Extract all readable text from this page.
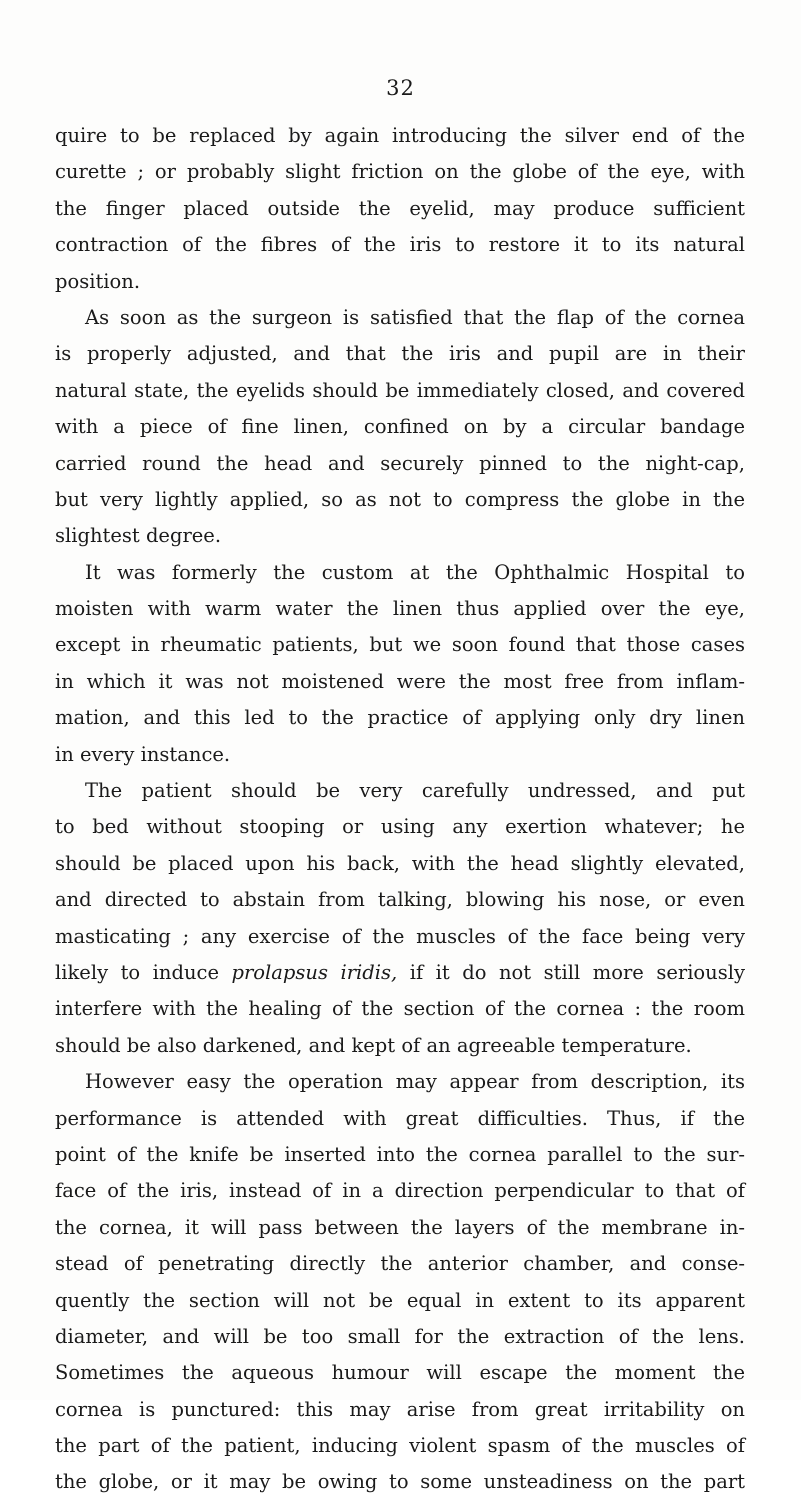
32
quire to be replaced by again introducing the silver end of the
curette ; or probably slight friction on the globe of the eye, with
the finger placed outside the eyelid, may produce sufficient
contraction of the fibres of the iris to restore it to its natural
position.
As soon as the surgeon is satisfied that the flap of the cornea
is properly adjusted, and that the iris and pupil are in their
natural state, the eyelids should be immediately closed, and covered
with a piece of fine linen, confined on by a circular bandage
carried round the head and securely pinned to the night-cap,
but very lightly applied, so as not to compress the globe in the
slightest degree.
It was formerly the custom at the Ophthalmic Hospital to
moisten with warm water the linen thus applied over the eye,
except in rheumatic patients, but we soon found that those cases
in which it was not moistened were the most free from inflam-
mation, and this led to the practice of applying only dry linen
in every instance.
The patient should be very carefully undressed, and put
to bed without stooping or using any exertion whatever; he
should be placed upon his back, with the head slightly elevated,
and directed to abstain from talking, blowing his nose, or even
masticating ; any exercise of the muscles of the face being very
likely to induce prolapsus iridis, if it do not still more seriously
interfere with the healing of the section of the cornea : the room
should be also darkened, and kept of an agreeable temperature.
However easy the operation may appear from description, its
performance is attended with great difficulties. Thus, if the
point of the knife be inserted into the cornea parallel to the sur-
face of the iris, instead of in a direction perpendicular to that of
the cornea, it will pass between the layers of the membrane in-
stead of penetrating directly the anterior chamber, and conse-
quently the section will not be equal in extent to its apparent
diameter, and will be too small for the extraction of the lens.
Sometimes the aqueous humour will escape the moment the
cornea is punctured: this may arise from great irritability on
the part of the patient, inducing violent spasm of the muscles of
the globe, or it may be owing to some unsteadiness on the part
